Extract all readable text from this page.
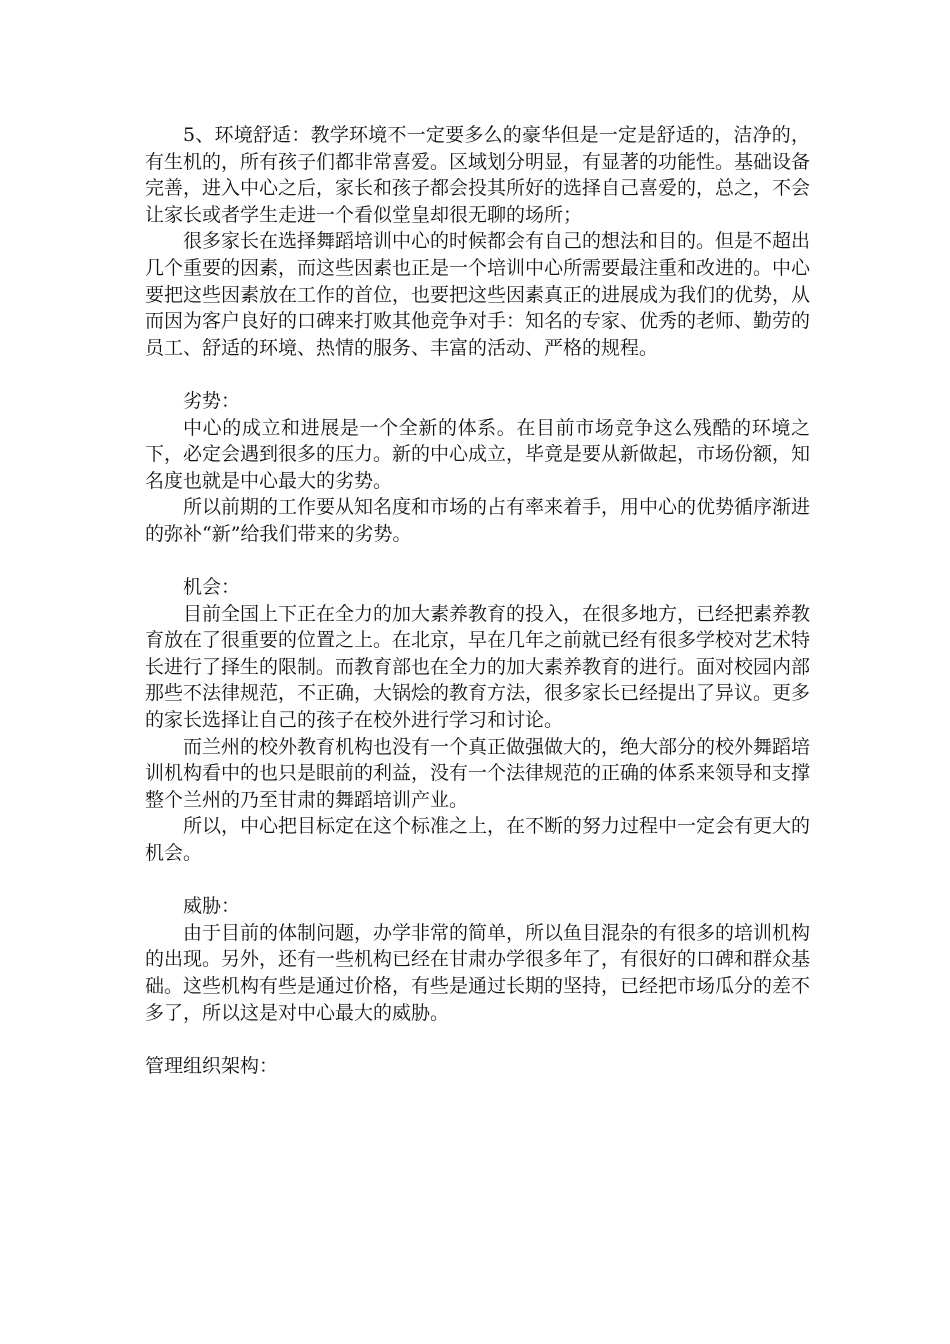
5、环境舒适：教学环境不一定要多么的豪华但是一定是舒适的，洁净的，有生机的，所有孩子们都非常喜爱。区域划分明显，有显著的功能性。基础设备完善，进入中心之后，家长和孩子都会投其所好的选择自己喜爱的，总之，不会让家长或者学生走进一个看似堂皇却很无聊的场所；

很多家长在选择舞蹈培训中心的时候都会有自己的想法和目的。但是不超出几个重要的因素，而这些因素也正是一个培训中心所需要最注重和改进的。中心要把这些因素放在工作的首位，也要把这些因素真正的进展成为我们的优势，从而因为客户良好的口碑来打败其他竞争对手：知名的专家、优秀的老师、勤劳的员工、舒适的环境、热情的服务、丰富的活动、严格的规程。

劣势：

中心的成立和进展是一个全新的体系。在目前市场竞争这么残酷的环境之下，必定会遇到很多的压力。新的中心成立，毕竟是要从新做起，市场份额，知名度也就是中心最大的劣势。

所以前期的工作要从知名度和市场的占有率来着手，用中心的优势循序渐进的弥补“新”给我们带来的劣势。

机会：

目前全国上下正在全力的加大素养教育的投入，在很多地方，已经把素养教育放在了很重要的位置之上。在北京，早在几年之前就已经有很多学校对艺术特长进行了择生的限制。而教育部也在全力的加大素养教育的进行。面对校园内部那些不法律规范，不正确，大锅烩的教育方法，很多家长已经提出了异议。更多的家长选择让自己的孩子在校外进行学习和讨论。

而兰州的校外教育机构也没有一个真正做强做大的，绝大部分的校外舞蹈培训机构看中的也只是眼前的利益，没有一个法律规范的正确的体系来领导和支撑整个兰州的乃至甘肃的舞蹈培训产业。

所以，中心把目标定在这个标准之上，在不断的努力过程中一定会有更大的机会。

威胁：

由于目前的体制问题，办学非常的简单，所以鱼目混杂的有很多的培训机构的出现。另外，还有一些机构已经在甘肃办学很多年了，有很好的口碑和群众基础。这些机构有些是通过价格，有些是通过长期的坚持，已经把市场瓜分的差不多了，所以这是对中心最大的威胁。

管理组织架构：
